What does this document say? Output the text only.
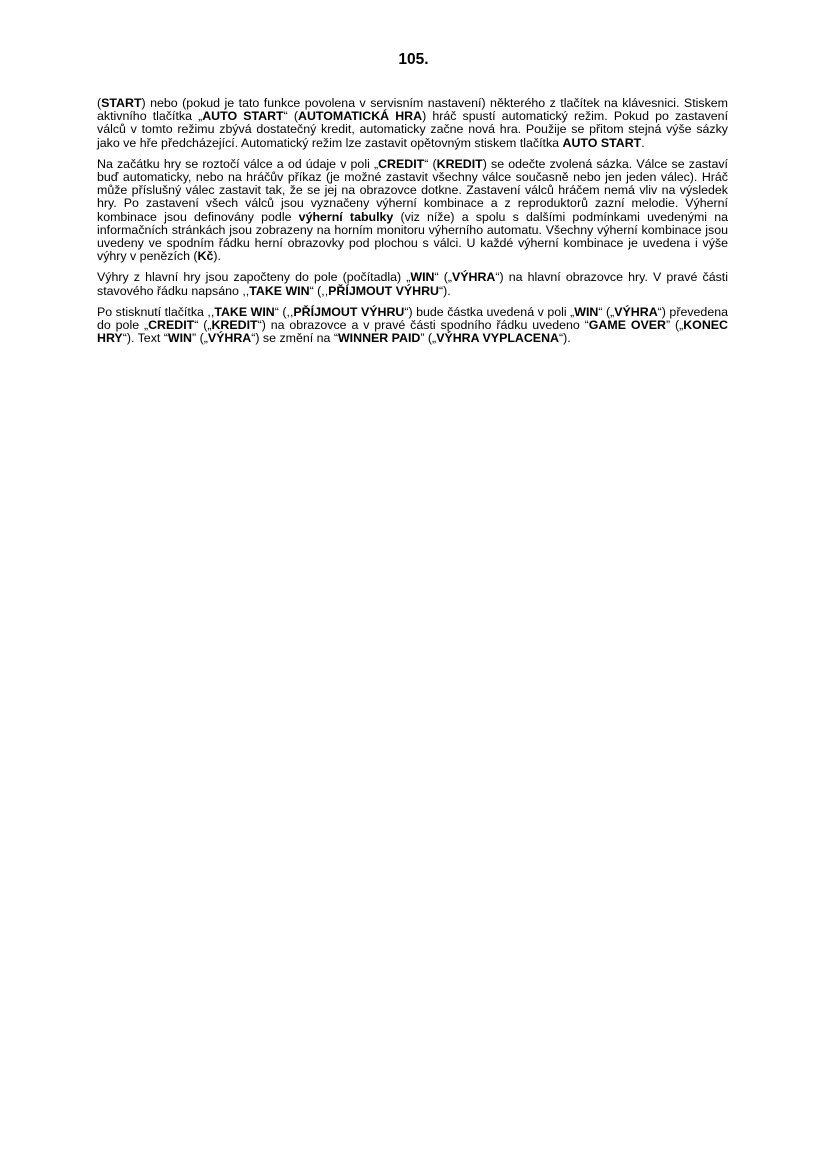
105.

(START) nebo (pokud je tato funkce povolena v servisním nastavení) některého z tlačítek na klávesnici. Stiskem aktivního tlačítka „AUTO START“ (AUTOMATICKÁ HRA) hráč spustí automatický režim. Pokud po zastavení válců v tomto režimu zbývá dostatečný kredit, automaticky začne nová hra. Použije se přitom stejná výše sázky jako ve hře předcházející. Automatický režim lze zastavit opětovným stiskem tlačítka AUTO START.

Na začátku hry se roztočí válce a od údaje v poli „CREDIT“ (KREDIT) se odečte zvolená sázka. Válce se zastaví buď automaticky, nebo na hráčův příkaz (je možné zastavit všechny válce současně nebo jen jeden válec). Hráč může příslušný válec zastavit tak, že se jej na obrazovce dotkne. Zastavení válců hráčem nemá vliv na výsledek hry. Po zastavení všech válců jsou vyznačeny výherní kombinace a z reproduktorů zazní melodie. Výherní kombinace jsou definovány podle výherní tabulky (viz níže) a spolu s dalšími podmínkami uvedenými na informačních stránkách jsou zobrazeny na horním monitoru výherního automatu. Všechny výherní kombinace jsou uvedeny ve spodním řádku herní obrazovky pod plochou s válci. U každé výherní kombinace je uvedena i výše výhry v penězích (Kč).

Výhry z hlavní hry jsou započteny do pole (počítadla) „WIN“ („VÝHRA“) na hlavní obrazovce hry. V pravé části stavového řádku napsáno ,,TAKE WIN“ (,,PŘÍJMOUT VÝHRU“).

Po stisknutí tlačítka ,,TAKE WIN“ (,,PŘÍJMOUT VÝHRU“) bude částka uvedená v poli „WIN“ („VÝHRA“) převedena do pole „CREDIT“ („KREDIT“) na obrazovce a v pravé části spodního řádku uvedeno “GAME OVER” („KONEC HRY“). Text “WIN” („VÝHRA“) se změní na “WINNER PAID” („VÝHRA VYPLACENA“).
